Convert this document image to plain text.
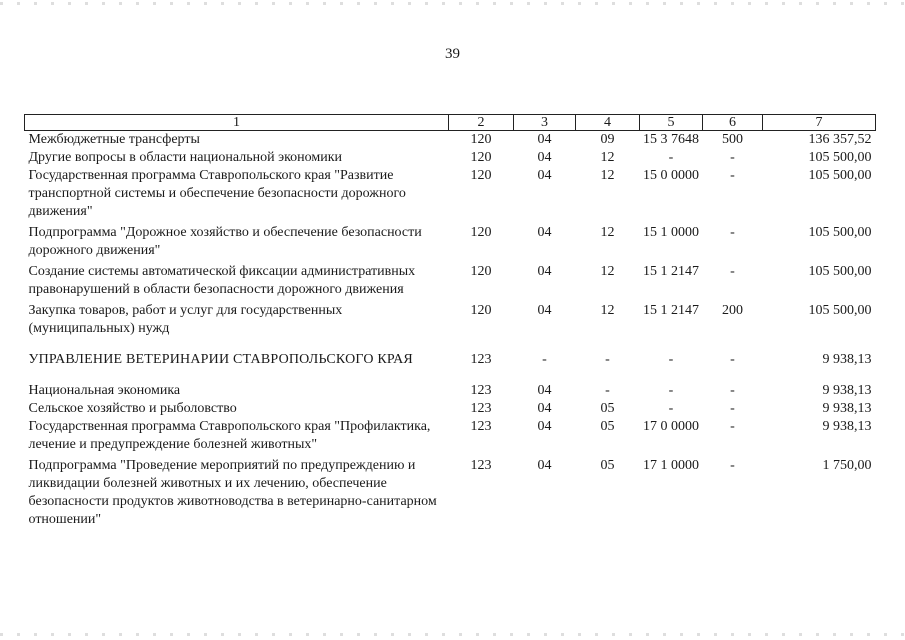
39
1	2	3	4	5	6	7
Межбюджетные трансферты	120	04	09	15 3 7648	500	136 357,52
Другие вопросы в области национальной экономики	120	04	12	-	-	105 500,00
Государственная программа Ставропольского края "Развитие транспортной системы и обеспечение безопасности дорожного движения"	120	04	12	15 0 0000	-	105 500,00
Подпрограмма "Дорожное хозяйство и обеспечение безопасности дорожного движения"	120	04	12	15 1 0000	-	105 500,00
Создание системы автоматической фиксации административных правонарушений в области безопасности дорожного движения	120	04	12	15 1 2147	-	105 500,00
Закупка товаров, работ и услуг для государственных (муниципальных) нужд	120	04	12	15 1 2147	200	105 500,00
УПРАВЛЕНИЕ ВЕТЕРИНАРИИ СТАВРОПОЛЬСКОГО КРАЯ	123	-	-	-	-	9 938,13
Национальная экономика	123	04	-	-	-	9 938,13
Сельское хозяйство и рыболовство	123	04	05	-	-	9 938,13
Государственная программа Ставропольского края "Профилактика, лечение и предупреждение болезней животных"	123	04	05	17 0 0000	-	9 938,13
Подпрограмма "Проведение мероприятий по предупреждению и ликвидации болезней животных и их лечению, обеспечение безопасности продуктов животноводства в ветеринарно-санитарном отношении"	123	04	05	17 1 0000	-	1 750,00
